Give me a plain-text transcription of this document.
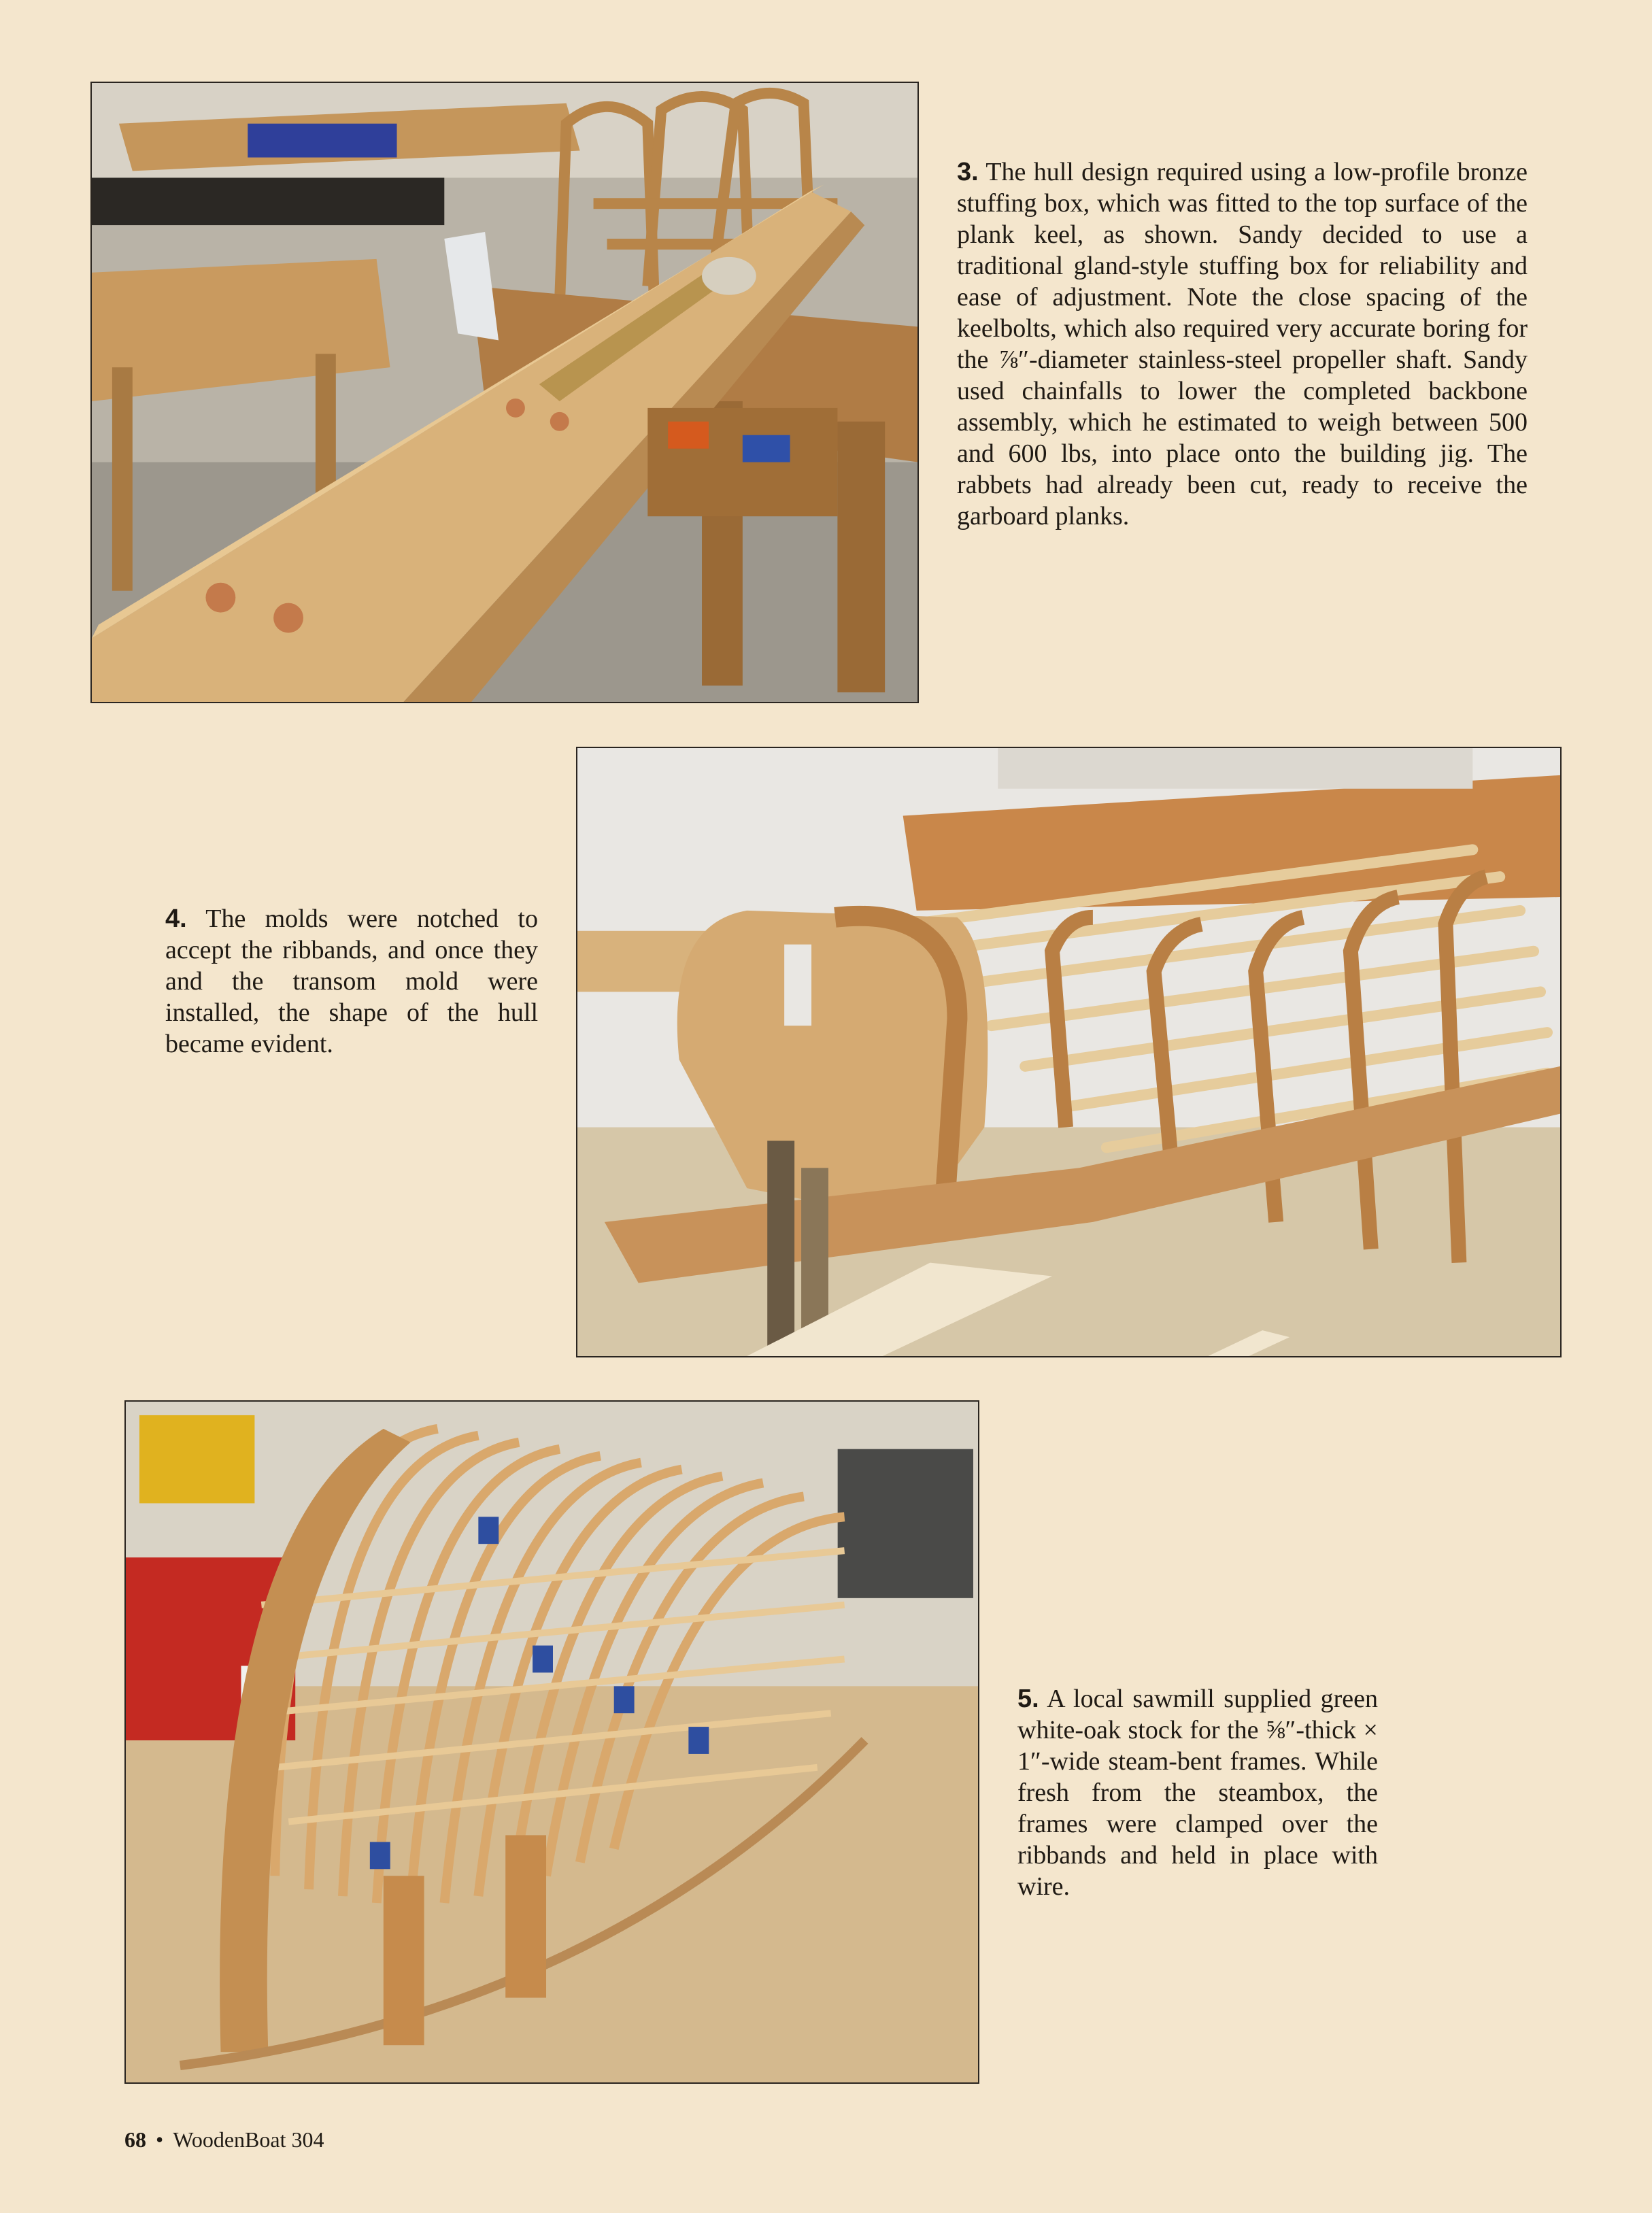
3. The hull design required using a low-profile bronze stuffing box, which was fitted to the top surface of the plank keel, as shown. Sandy decided to use a traditional gland-style stuffing box for reliability and ease of adjustment. Note the close spacing of the keelbolts, which also required very accurate boring for the ⅞″-diameter stainless-steel propeller shaft. Sandy used chainfalls to lower the completed backbone assembly, which he estimated to weigh between 500 and 600 lbs, into place onto the building jig. The rabbets had already been cut, ready to receive the garboard planks.

4. The molds were notched to accept the ribbands, and once they and the transom mold were installed, the shape of the hull became evident.

5. A local sawmill supplied green white-oak stock for the ⅝″-thick × 1″-wide steam-bent frames. While fresh from the steambox, the frames were clamped over the ribbands and held in place with wire.

68 • WoodenBoat 304
